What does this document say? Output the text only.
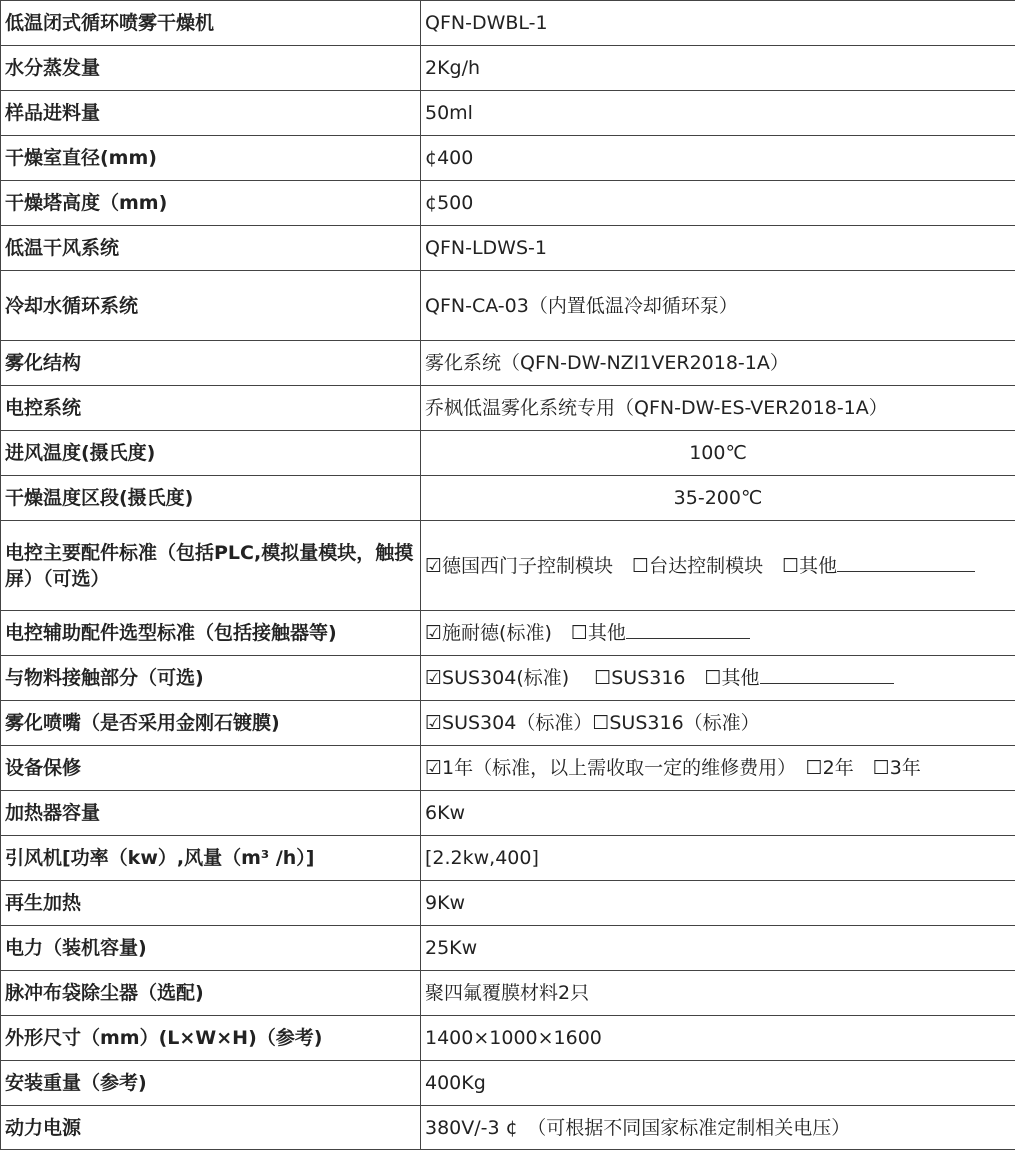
低温闭式循环喷雾干燥机	QFN-DWBL-1
水分蒸发量	2Kg/h
样品进料量	50ml
干燥室直径(mm)	¢400
干燥塔高度（mm)	¢500
低温干风系统	QFN-LDWS-1
冷却水循环系统	QFN-CA-03（内置低温冷却循环泵）
雾化结构	雾化系统（QFN-DW-NZI1VER2018-1A）
电控系统	乔枫低温雾化系统专用（QFN-DW-ES-VER2018-1A）
进风温度(摄氏度)	100℃
干燥温度区段(摄氏度)	35-200℃
电控主要配件标准（包括PLC,模拟量模块，触摸屏）（可选）	☑德国西门子控制模块　☐台达控制模块　☐其他
电控辅助配件选型标准（包括接触器等)	☑施耐德(标准)　☐其他
与物料接触部分（可选)	☑SUS304(标准)　 ☐SUS316　☐其他
雾化喷嘴（是否采用金刚石镀膜)	☑SUS304（标准）☐SUS316（标准）
设备保修	☑1年（标准，以上需收取一定的维修费用）　☐2年　☐3年
加热器容量	6Kw
引风机[功率（kw）,风量（m³ /h）]	[2.2kw,400]
再生加热	9Kw
电力（装机容量)	25Kw
脉冲布袋除尘器（选配)	聚四氟覆膜材料2只
外形尺寸（mm）(L×W×H)（参考)	1400×1000×1600
安装重量（参考)	400Kg
动力电源	380V/-3 ¢　（可根据不同国家标准定制相关电压）
